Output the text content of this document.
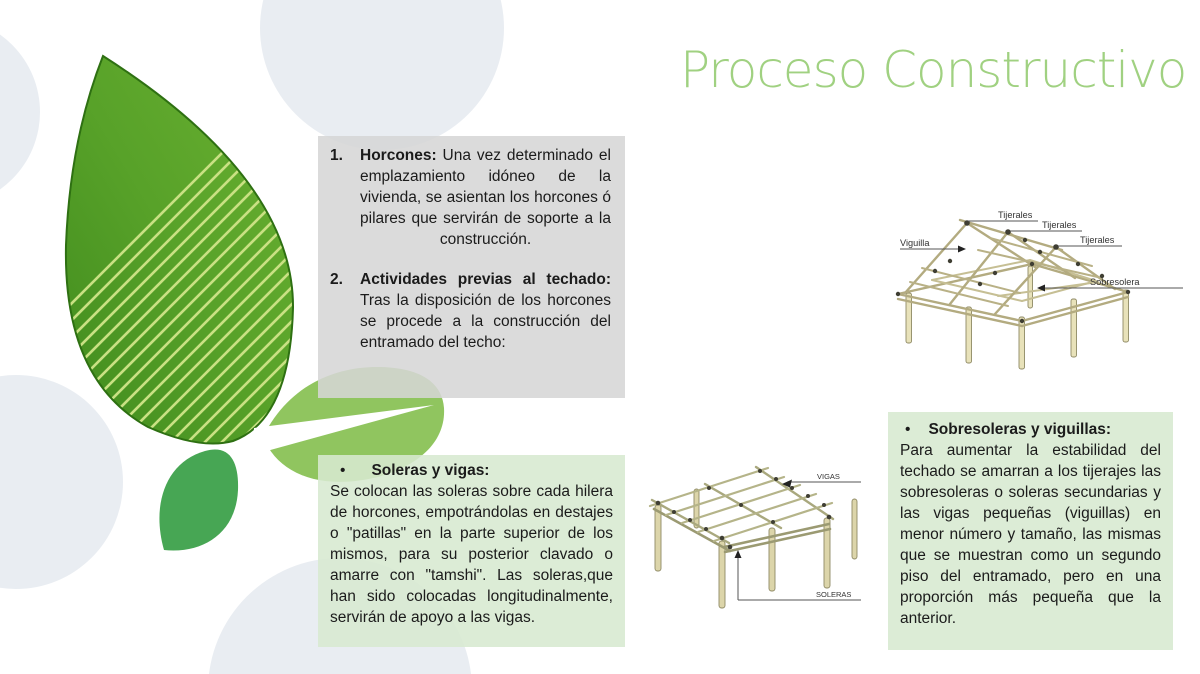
Proceso Constructivo
1. Horcones: Una vez determinado el emplazamiento idóneo de la vivienda, se asientan los horcones ó pilares que servirán de soporte a la construcción.
2. Actividades previas al techado: Tras la disposición de los horcones se procede a la construcción del entramado del techo:
• Soleras y vigas:
Se colocan las soleras sobre cada hilera de horcones, empotrándolas en destajes o "patillas" en la parte superior de los mismos, para su posterior clavado o amarre con "tamshi". Las soleras,que han sido colocadas longitudinalmente, servirán de apoyo a las vigas.
• Sobresoleras y viguillas:
Para aumentar la estabilidad del techado se amarran a los tijerajes las sobresoleras o soleras secundarias y las vigas pequeñas (viguillas) en menor número y tamaño, las mismas que se muestran como un segundo piso del entramado, pero en una proporción más pequeña que la anterior.
Tijerales
Tijerales
Tijerales
Viguilla
Sobresolera
VIGAS
SOLERAS
